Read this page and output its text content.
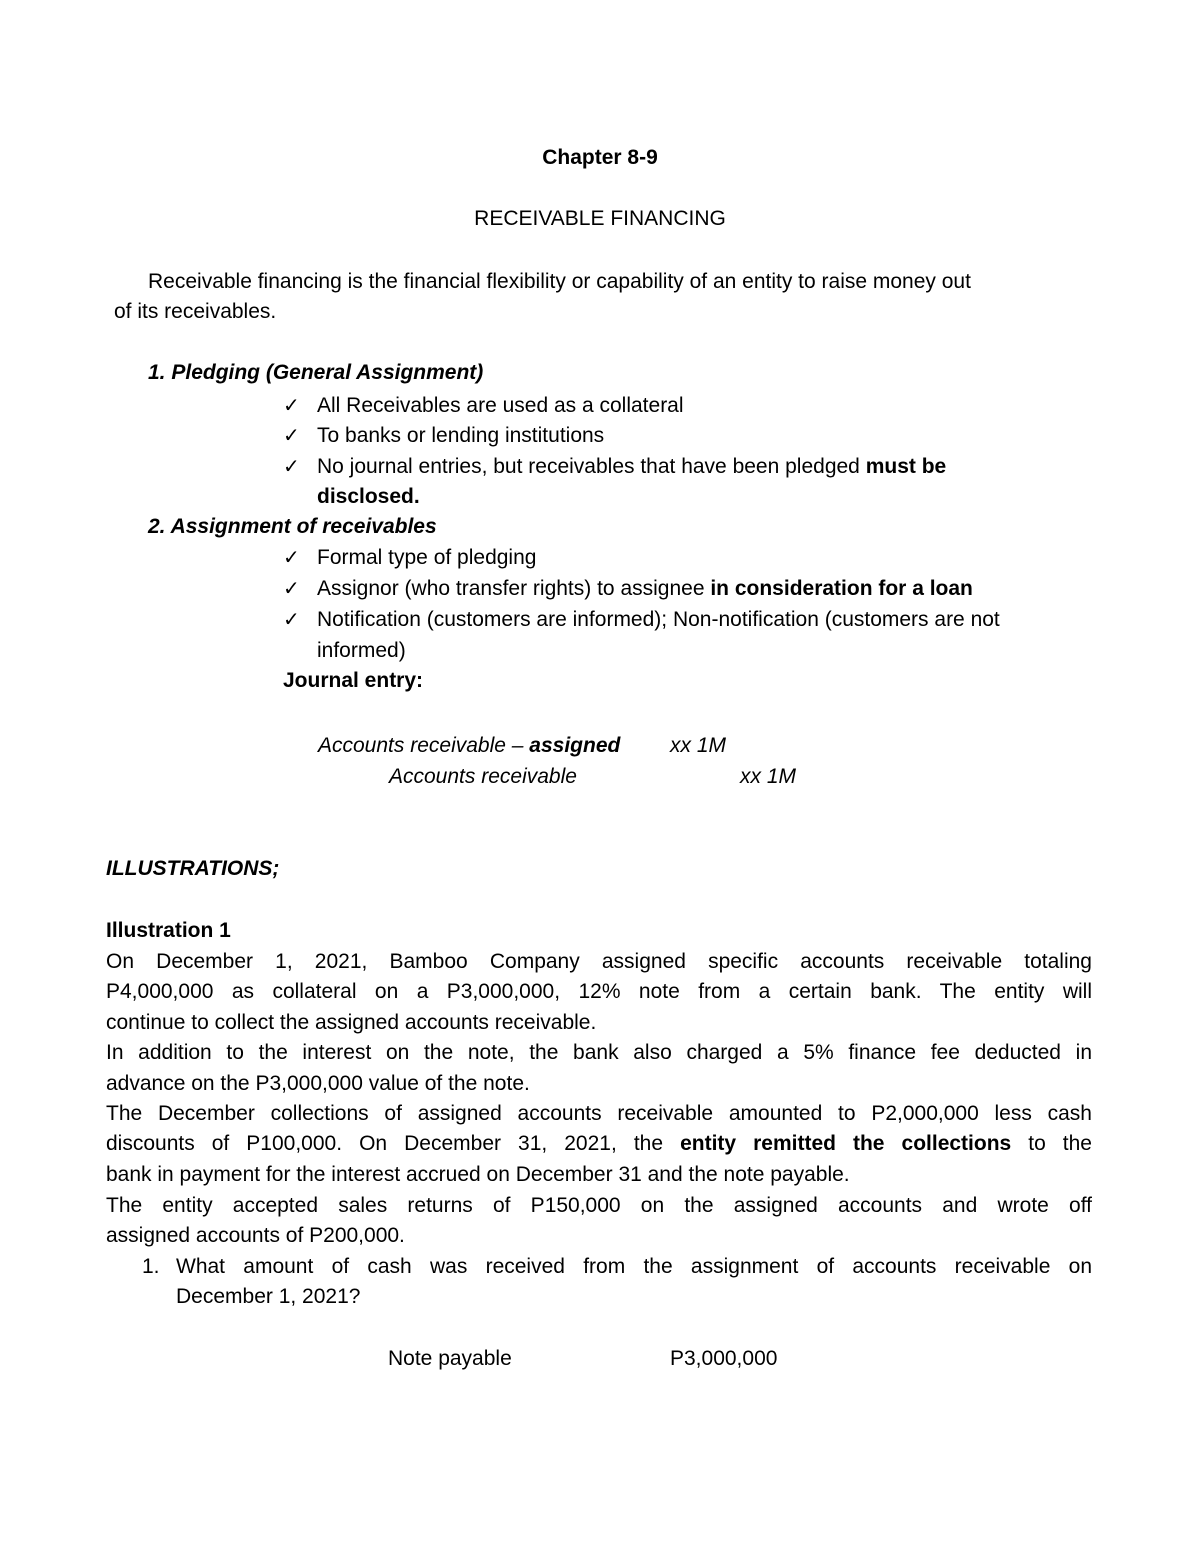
Chapter 8-9
RECEIVABLE FINANCING
Receivable financing is the financial flexibility or capability of an entity to raise money out
of its receivables.
1. Pledging (General Assignment)
✓ All Receivables are used as a collateral
✓ To banks or lending institutions
✓ No journal entries, but receivables that have been pledged must be
disclosed.
2. Assignment of receivables
✓ Formal type of pledging
✓ Assignor (who transfer rights) to assignee in consideration for a loan
✓ Notification (customers are informed); Non-notification (customers are not
informed)
Journal entry:
Accounts receivable – assigned xx 1M
Accounts receivable	xx 1M
ILLUSTRATIONS;
Illustration 1
On December 1, 2021, Bamboo Company assigned specific accounts receivable totaling
P4,000,000 as collateral on a P3,000,000, 12% note from a certain bank. The entity will
continue to collect the assigned accounts receivable.
In addition to the interest on the note, the bank also charged a 5% finance fee deducted in
advance on the P3,000,000 value of the note.
The December collections of assigned accounts receivable amounted to P2,000,000 less cash
discounts of P100,000. On December 31, 2021, the entity remitted the collections to the
bank in payment for the interest accrued on December 31 and the note payable.
The entity accepted sales returns of P150,000 on the assigned accounts and wrote off
assigned accounts of P200,000.
1. What amount of cash was received from the assignment of accounts receivable on
December 1, 2021?
Note payable	P3,000,000
